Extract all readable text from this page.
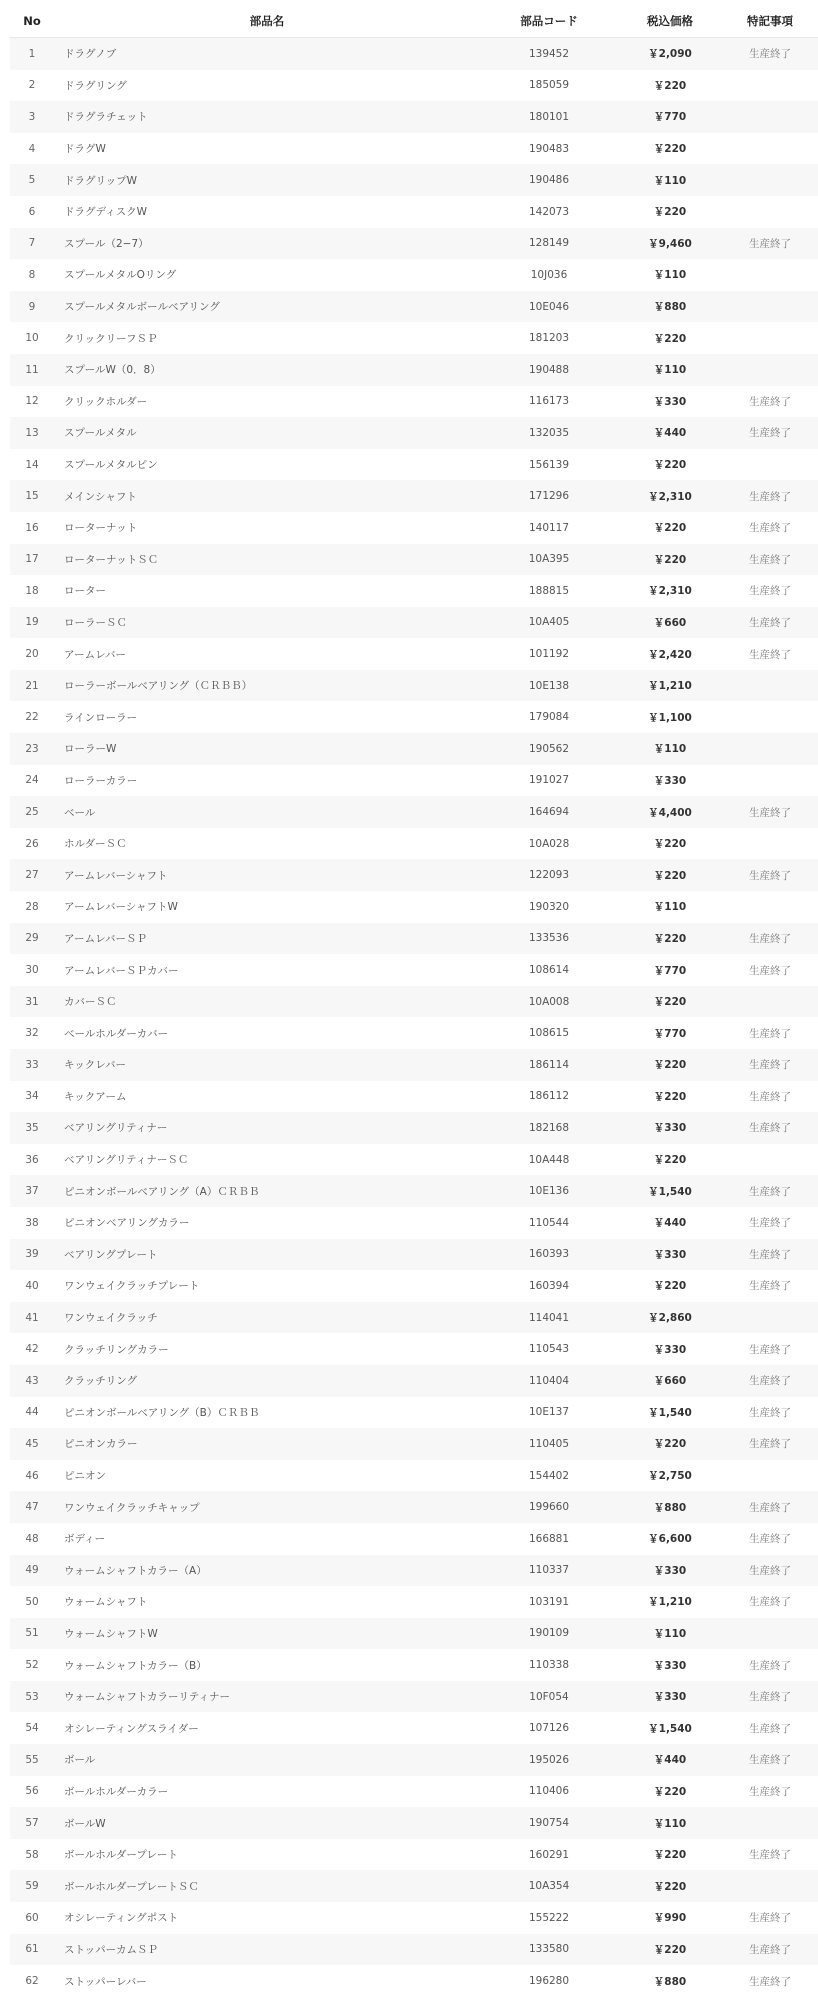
No	部品名	部品コード	税込価格	特記事項
1	ドラグノブ	139452	￥2,090	生産終了
2	ドラグリング	185059	￥220	
3	ドラグラチェット	180101	￥770	
4	ドラグW	190483	￥220	
5	ドラグリップW	190486	￥110	
6	ドラグディスクW	142073	￥220	
7	スプール（2−7）	128149	￥9,460	生産終了
8	スプールメタルOリング	10J036	￥110	
9	スプールメタルボールベアリング	10E046	￥880	
10	クリックリーフＳＰ	181203	￥220	
11	スプールW（0．8）	190488	￥110	
12	クリックホルダー	116173	￥330	生産終了
13	スプールメタル	132035	￥440	生産終了
14	スプールメタルピン	156139	￥220	
15	メインシャフト	171296	￥2,310	生産終了
16	ローターナット	140117	￥220	生産終了
17	ローターナットＳＣ	10A395	￥220	生産終了
18	ローター	188815	￥2,310	生産終了
19	ローラーＳＣ	10A405	￥660	生産終了
20	アームレバー	101192	￥2,420	生産終了
21	ローラーボールベアリング（ＣＲＢＢ）	10E138	￥1,210	
22	ラインローラー	179084	￥1,100	
23	ローラーW	190562	￥110	
24	ローラーカラー	191027	￥330	
25	ベール	164694	￥4,400	生産終了
26	ホルダーＳＣ	10A028	￥220	
27	アームレバーシャフト	122093	￥220	生産終了
28	アームレバーシャフトW	190320	￥110	
29	アームレバーＳＰ	133536	￥220	生産終了
30	アームレバーＳＰカバー	108614	￥770	生産終了
31	カバーＳＣ	10A008	￥220	
32	ベールホルダーカバー	108615	￥770	生産終了
33	キックレバー	186114	￥220	生産終了
34	キックアーム	186112	￥220	生産終了
35	ベアリングリティナー	182168	￥330	生産終了
36	ベアリングリティナーＳＣ	10A448	￥220	
37	ピニオンボールベアリング（A）ＣＲＢＢ	10E136	￥1,540	生産終了
38	ピニオンベアリングカラー	110544	￥440	生産終了
39	ベアリングプレート	160393	￥330	生産終了
40	ワンウェイクラッチプレート	160394	￥220	生産終了
41	ワンウェイクラッチ	114041	￥2,860	
42	クラッチリングカラー	110543	￥330	生産終了
43	クラッチリング	110404	￥660	生産終了
44	ピニオンボールベアリング（B）ＣＲＢＢ	10E137	￥1,540	生産終了
45	ピニオンカラー	110405	￥220	生産終了
46	ピニオン	154402	￥2,750	
47	ワンウェイクラッチキャップ	199660	￥880	生産終了
48	ボディー	166881	￥6,600	生産終了
49	ウォームシャフトカラー（A）	110337	￥330	生産終了
50	ウォームシャフト	103191	￥1,210	生産終了
51	ウォームシャフトW	190109	￥110	
52	ウォームシャフトカラー（B）	110338	￥330	生産終了
53	ウォームシャフトカラーリティナー	10F054	￥330	生産終了
54	オシレーティングスライダー	107126	￥1,540	生産終了
55	ボール	195026	￥440	生産終了
56	ボールホルダーカラー	110406	￥220	生産終了
57	ボールW	190754	￥110	
58	ボールホルダープレート	160291	￥220	生産終了
59	ボールホルダープレートＳＣ	10A354	￥220	
60	オシレーティングポスト	155222	￥990	生産終了
61	ストッパーカムＳＰ	133580	￥220	生産終了
62	ストッパーレバー	196280	￥880	生産終了
